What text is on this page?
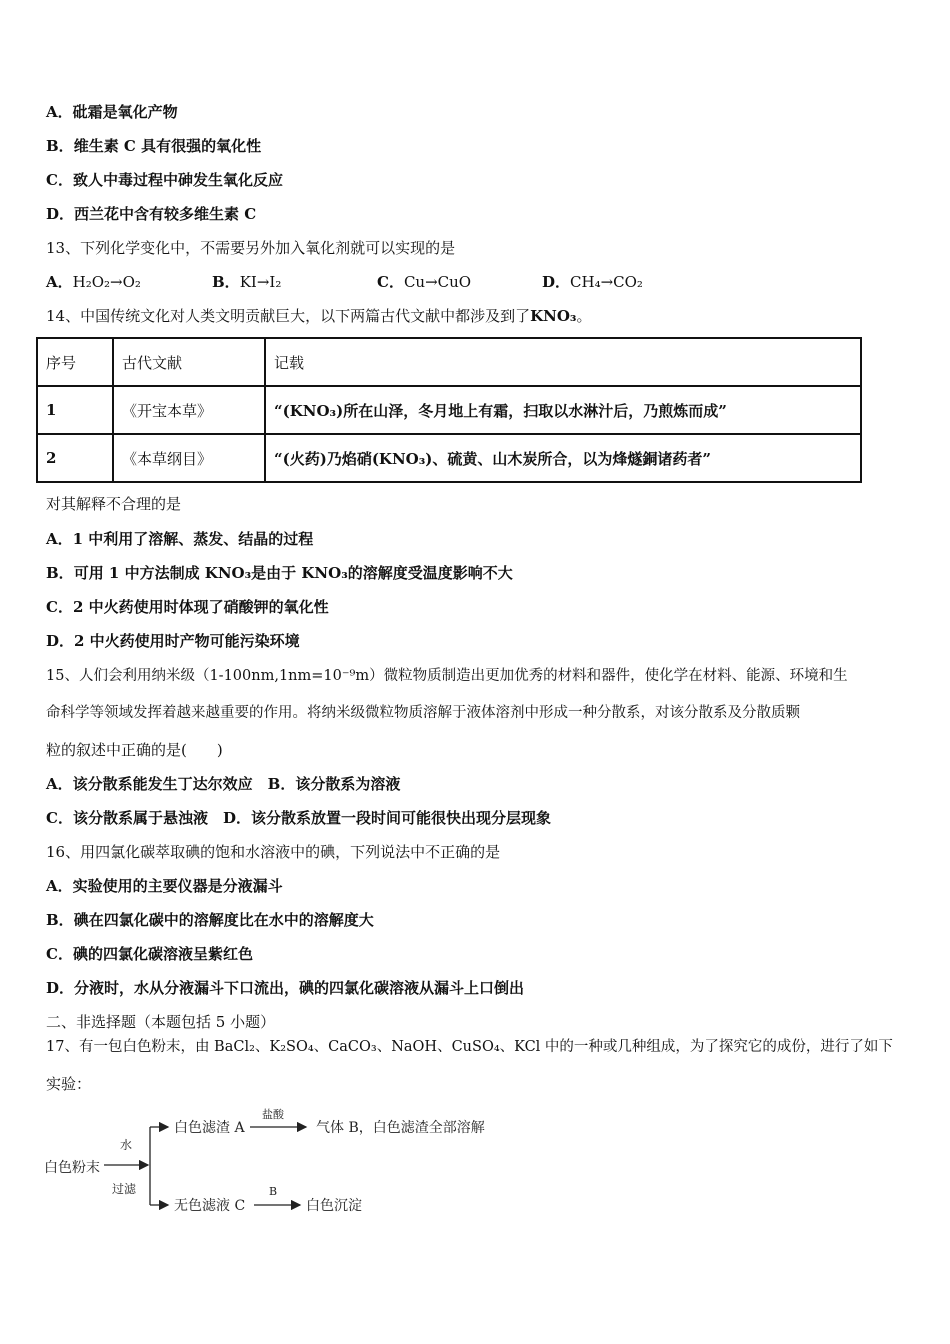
A．砒霜是氧化产物
B．维生素 C 具有很强的氧化性
C．致人中毒过程中砷发生氧化反应
D．西兰花中含有较多维生素 C
13、下列化学变化中，不需要另外加入氧化剂就可以实现的是
A．H₂O₂→O₂	B．KI→I₂	C．Cu→CuO	D．CH₄→CO₂
14、中国传统文化对人类文明贡献巨大，以下两篇古代文献中都涉及到了KNO₃。
序号	古代文献	记载
1	《开宝本草》	“(KNO₃)所在山泽，冬月地上有霜，扫取以水淋汁后，乃煎炼而成”
2	《本草纲目》	“(火药)乃焰硝(KNO₃)、硫黄、山木炭所合，以为烽燧銅诸药者”
对其解释不合理的是
A．1 中利用了溶解、蒸发、结晶的过程
B．可用 1 中方法制成 KNO₃是由于 KNO₃的溶解度受温度影响不大
C．2 中火药使用时体现了硝酸钾的氧化性
D．2 中火药使用时产物可能污染环境
15、人们会利用纳米级（1-100nm,1nm=10⁻⁹m）微粒物质制造出更加优秀的材料和器件，使化学在材料、能源、环境和生
命科学等领域发挥着越来越重要的作用。将纳米级微粒物质溶解于液体溶剂中形成一种分散系，对该分散系及分散质颗
粒的叙述中正确的是(　　)
A．该分散系能发生丁达尔效应　B．该分散系为溶液
C．该分散系属于悬浊液　D．该分散系放置一段时间可能很快出现分层现象
16、用四氯化碳萃取碘的饱和水溶液中的碘，下列说法中不正确的是
A．实验使用的主要仪器是分液漏斗
B．碘在四氯化碳中的溶解度比在水中的溶解度大
C．碘的四氯化碳溶液呈紫红色
D．分液时，水从分液漏斗下口流出，碘的四氯化碳溶液从漏斗上口倒出
二、非选择题（本题包括 5 小题）
17、有一包白色粉末，由 BaCl₂、K₂SO₄、CaCO₃、NaOH、CuSO₄、KCl 中的一种或几种组成，为了探究它的成份，进行了如下
实验：
白色粉末
水
过滤
白色滤渣 A
盐酸
气体 B，白色滤渣全部溶解
无色滤液 C
B
白色沉淀
